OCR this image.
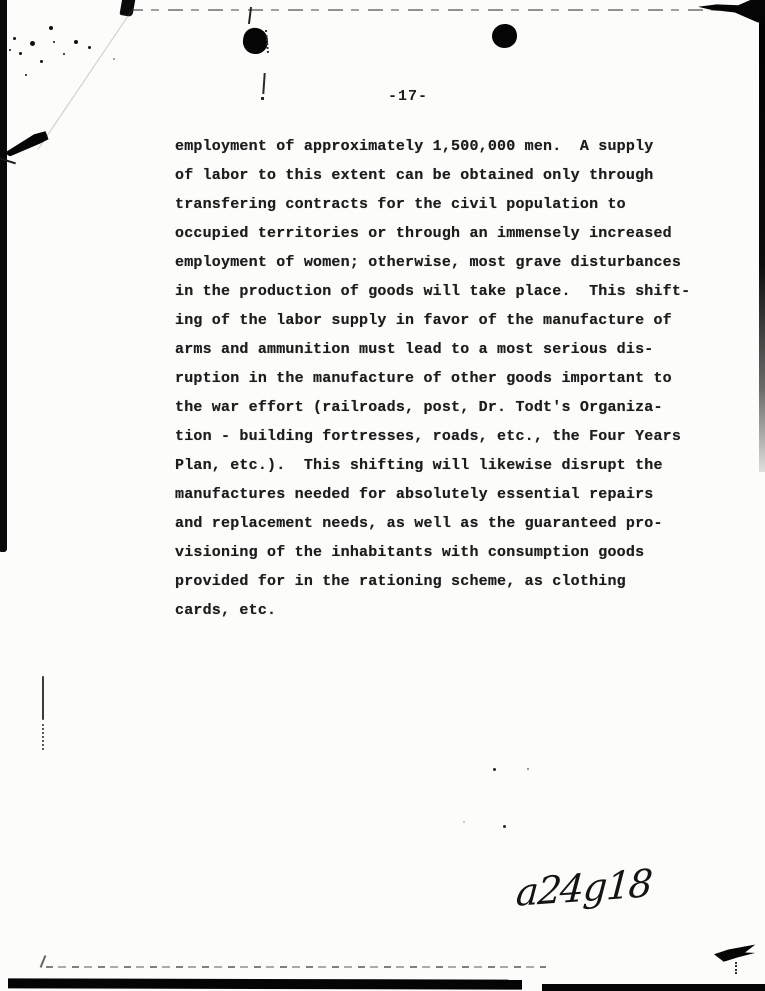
-17-
employment of approximately 1,500,000 men.  A supply
of labor to this extent can be obtained only through
transfering contracts for the civil population to
occupied territories or through an immensely increased
employment of women; otherwise, most grave disturbances
in the production of goods will take place.  This shift-
ing of the labor supply in favor of the manufacture of
arms and ammunition must lead to a most serious dis-
ruption in the manufacture of other goods important to
the war effort (railroads, post, Dr. Todt's Organiza-
tion - building fortresses, roads, etc., the Four Years
Plan, etc.).  This shifting will likewise disrupt the
manufactures needed for absolutely essential repairs
and replacement needs, as well as the guaranteed pro-
visioning of the inhabitants with consumption goods
provided for in the rationing scheme, as clothing
cards, etc.
a 24 g 18
